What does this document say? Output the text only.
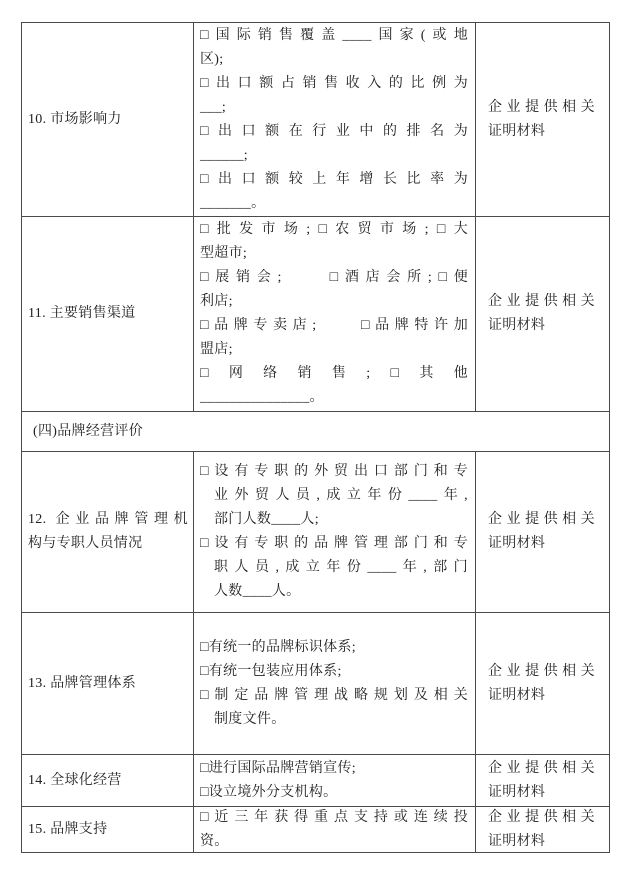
10. 市场影响力
□国际销售覆盖____国家(或地
区);
□出口额占销售收入的比例为
___;
□出口额在行业中的排名为
______;
□出口额较上年增长比率为
_______。
企业提供相关
证明材料
11. 主要销售渠道
□批发市场;□农贸市场;□大
型超市;
□展销会;　　□酒店会所;□便
利店;
□品牌专卖店;　　□品牌特许加
盟店;
□网络销售;□其他
_______________。
企业提供相关
证明材料
(四)品牌经营评价
12. 企业品牌管理机
构与专职人员情况
□设有专职的外贸出口部门和专
业外贸人员,成立年份____年,
部门人数____人;
□设有专职的品牌管理部门和专
职人员,成立年份____年,部门
人数____人。
企业提供相关
证明材料
13. 品牌管理体系
□有统一的品牌标识体系;
□有统一包装应用体系;
□制定品牌管理战略规划及相关
制度文件。
企业提供相关
证明材料
14. 全球化经营
□进行国际品牌营销宣传;
□设立境外分支机构。
企业提供相关
证明材料
15. 品牌支持
□近三年获得重点支持或连续投
资。
企业提供相关
证明材料
